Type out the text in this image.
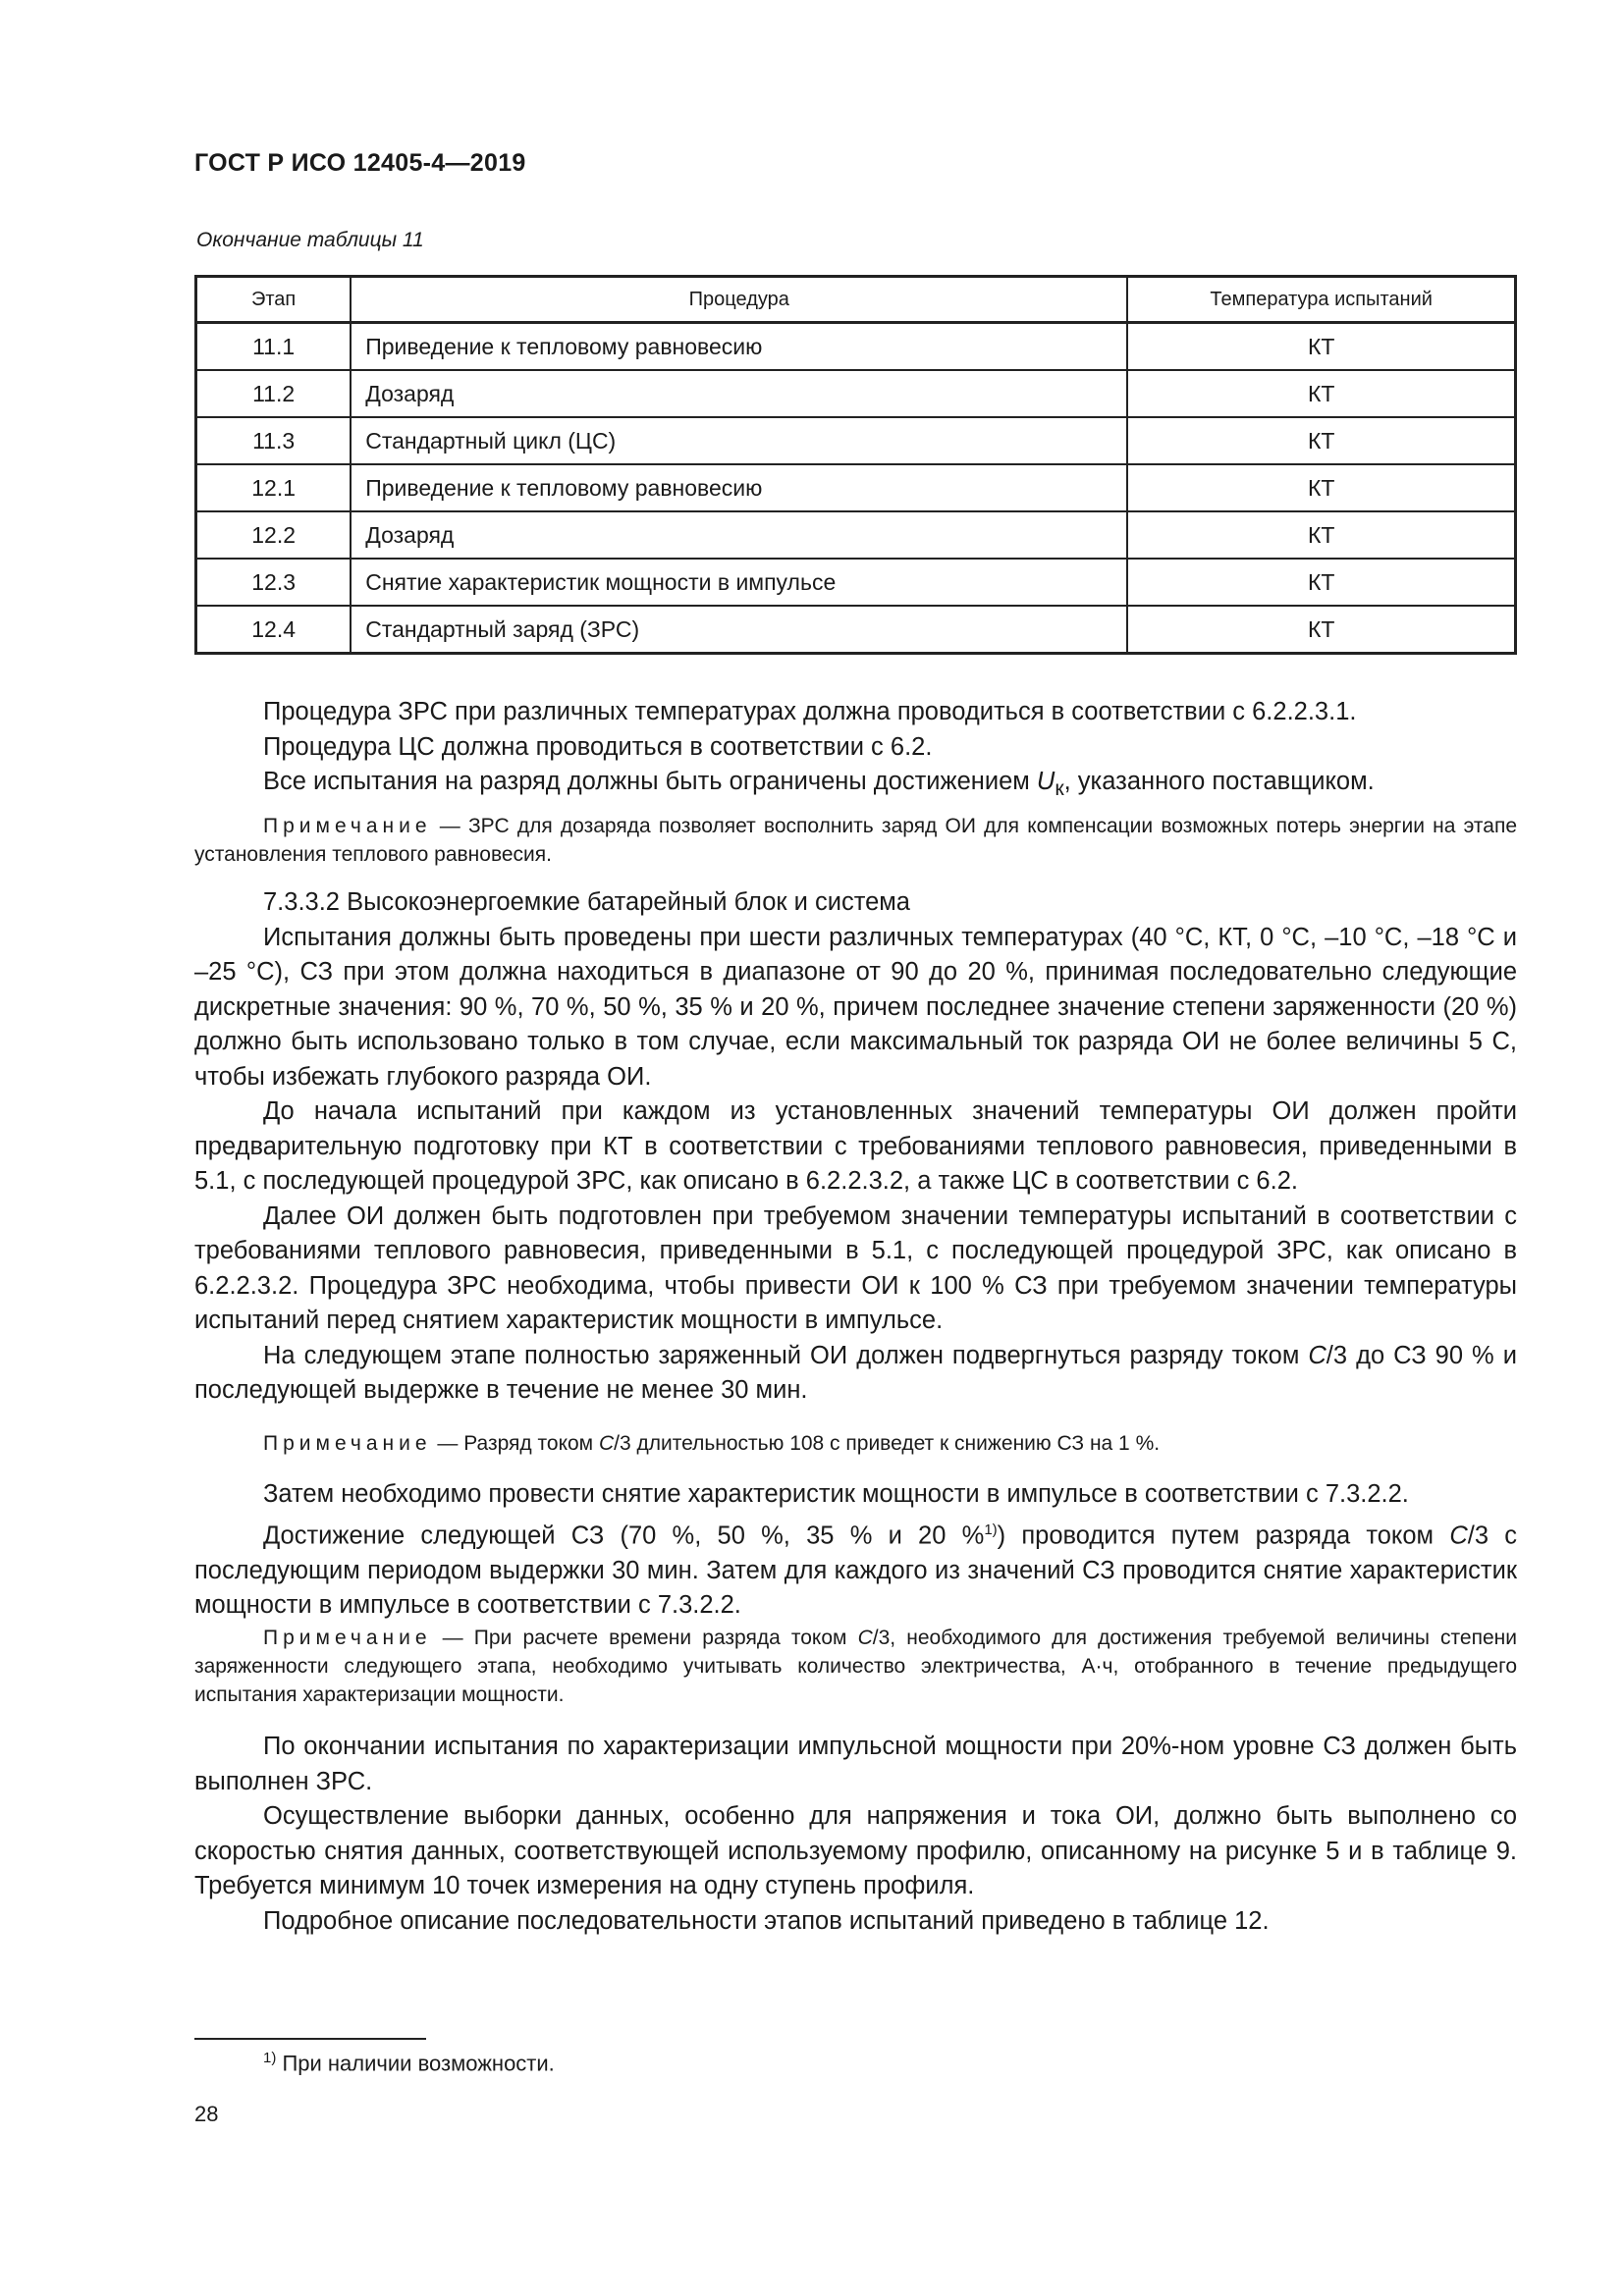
ГОСТ Р ИСО 12405-4—2019
Окончание таблицы 11
Этап	Процедура	Температура испытаний
11.1	Приведение к тепловому равновесию	КТ
11.2	Дозаряд	КТ
11.3	Стандартный цикл (ЦС)	КТ
12.1	Приведение к тепловому равновесию	КТ
12.2	Дозаряд	КТ
12.3	Снятие характеристик мощности в импульсе	КТ
12.4	Стандартный заряд (ЗРС)	КТ

Процедура ЗРС при различных температурах должна проводиться в соответствии с 6.2.2.3.1.

Процедура ЦС должна проводиться в соответствии с 6.2.

Все испытания на разряд должны быть ограничены достижением $U_к$, указанного поставщиком.

Примечание — ЗРС для дозаряда позволяет восполнить заряд ОИ для компенсации возможных потерь энергии на этапе установления теплового равновесия.

7.3.3.2 Высокоэнергоемкие батарейный блок и система

Испытания должны быть проведены при шести различных температурах (40 °С, КТ, 0 °С, –10 °С, –18 °С и –25 °С), СЗ при этом должна находиться в диапазоне от 90 до 20 %, принимая последовательно следующие дискретные значения: 90 %, 70 %, 50 %, 35 % и 20 %, причем последнее значение степени заряженности (20 %) должно быть использовано только в том случае, если максимальный ток разряда ОИ не более величины 5 С, чтобы избежать глубокого разряда ОИ.

До начала испытаний при каждом из установленных значений температуры ОИ должен пройти предварительную подготовку при КТ в соответствии с требованиями теплового равновесия, приведенными в 5.1, с последующей процедурой ЗРС, как описано в 6.2.2.3.2, а также ЦС в соответствии с 6.2.

Далее ОИ должен быть подготовлен при требуемом значении температуры испытаний в соответствии с требованиями теплового равновесия, приведенными в 5.1, с последующей процедурой ЗРС, как описано в 6.2.2.3.2. Процедура ЗРС необходима, чтобы привести ОИ к 100 % СЗ при требуемом значении температуры испытаний перед снятием характеристик мощности в импульсе.

На следующем этапе полностью заряженный ОИ должен подвергнуться разряду током С/3 до СЗ 90 % и последующей выдержке в течение не менее 30 мин.

Примечание — Разряд током С/3 длительностью 108 с приведет к снижению СЗ на 1 %.

Затем необходимо провести снятие характеристик мощности в импульсе в соответствии с 7.3.2.2.

Достижение следующей СЗ (70 %, 50 %, 35 % и 20 %$^{1)}$) проводится путем разряда током С/3 с последующим периодом выдержки 30 мин. Затем для каждого из значений СЗ проводится снятие характеристик мощности в импульсе в соответствии с 7.3.2.2.

Примечание — При расчете времени разряда током С/3, необходимого для достижения требуемой величины степени заряженности следующего этапа, необходимо учитывать количество электричества, А·ч, отобранного в течение предыдущего испытания характеризации мощности.

По окончании испытания по характеризации импульсной мощности при 20%-ном уровне СЗ должен быть выполнен ЗРС.

Осуществление выборки данных, особенно для напряжения и тока ОИ, должно быть выполнено со скоростью снятия данных, соответствующей используемому профилю, описанному на рисунке 5 и в таблице 9. Требуется минимум 10 точек измерения на одну ступень профиля.

Подробное описание последовательности этапов испытаний приведено в таблице 12.

$^{1)}$ При наличии возможности.
28
